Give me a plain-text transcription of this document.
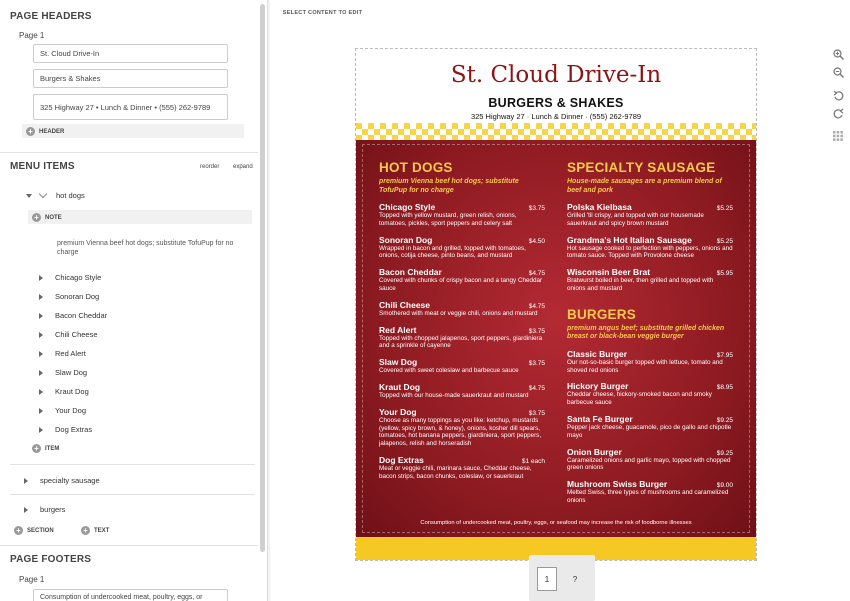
PAGE HEADERS
Page 1
St. Cloud Drive-In
Burgers & Shakes
325 Highway 27 • Lunch & Dinner • (555) 262-9789
+	HEADER
MENU ITEMS	reorder expand
hot dogs
+	NOTE
premium Vienna beef hot dogs; substitute TofuPup for no charge
Chicago Style
Sonoran Dog
Bacon Cheddar
Chili Cheese
Red Alert
Slaw Dog
Kraut Dog
Your Dog
Dog Extras
+	ITEM
specialty sausage
burgers
+	SECTION	+	TEXT
PAGE FOOTERS
Page 1
Consumption of undercooked meat, poultry, eggs, or
SELECT CONTENT TO EDIT
St. Cloud Drive-In
BURGERS & SHAKES
325 Highway 27 · Lunch & Dinner · (555) 262-9789
HOT DOGS
premium Vienna beef hot dogs; substitute TofuPup for no charge
Chicago Style	$3.75
Topped with yellow mustard, green relish, onions, tomatoes, pickles, sport peppers and celery salt
Sonoran Dog	$4.50
Wrapped in bacon and grilled, topped with tomatoes, onions, cotija cheese, pinto beans, and mustard
Bacon Cheddar	$4.75
Covered with chunks of crispy bacon and a tangy Cheddar sauce
Chili Cheese	$4.75
Smothered with meat or veggie chili, onions and mustard
Red Alert	$3.75
Topped with chopped jalapenos, sport peppers, giardiniera and a sprinkle of cayenne
Slaw Dog	$3.75
Covered with sweet coleslaw and barbecue sauce
Kraut Dog	$4.75
Topped with our house-made sauerkraut and mustard
Your Dog	$3.75
Choose as many toppings as you like: ketchup, mustards (yellow, spicy brown, & honey), onions, kosher dill spears, tomatoes, hot banana peppers, giardiniera, sport peppers, jalapenos, relish and horseradish
Dog Extras	$1 each
Meat or veggie chili, marinara sauce, Cheddar cheese, bacon strips, bacon chunks, coleslaw, or sauerkraut
SPECIALTY SAUSAGE
House-made sausages are a premium blend of beef and pork
Polska Kielbasa	$5.25
Grilled 'til crispy, and topped with our housemade sauerkraut and spicy brown mustard
Grandma's Hot Italian Sausage	$5.25
Hot sausage cooked to perfection with peppers, onions and tomato sauce. Topped with Provolone cheese
Wisconsin Beer Brat	$5.95
Bratwurst boiled in beer, then grilled and topped with onions and mustard
BURGERS
premium angus beef; substitute grilled chicken breast or black-bean veggie burger
Classic Burger	$7.95
Our not-so-basic burger topped with lettuce, tomato and shoved red onions
Hickory Burger	$8.95
Cheddar cheese, hickory-smoked bacon and smoky barbecue sauce
Santa Fe Burger	$9.25
Pepper jack cheese, guacamole, pico de gallo and chipotle mayo
Onion Burger	$9.25
Caramelized onions and garlic mayo, topped with chopped green onions
Mushroom Swiss Burger	$9.00
Melted Swiss, three types of mushrooms and caramelized onions
Consumption of undercooked meat, poultry, eggs, or seafood may increase the risk of foodborne illnesses
1	?
